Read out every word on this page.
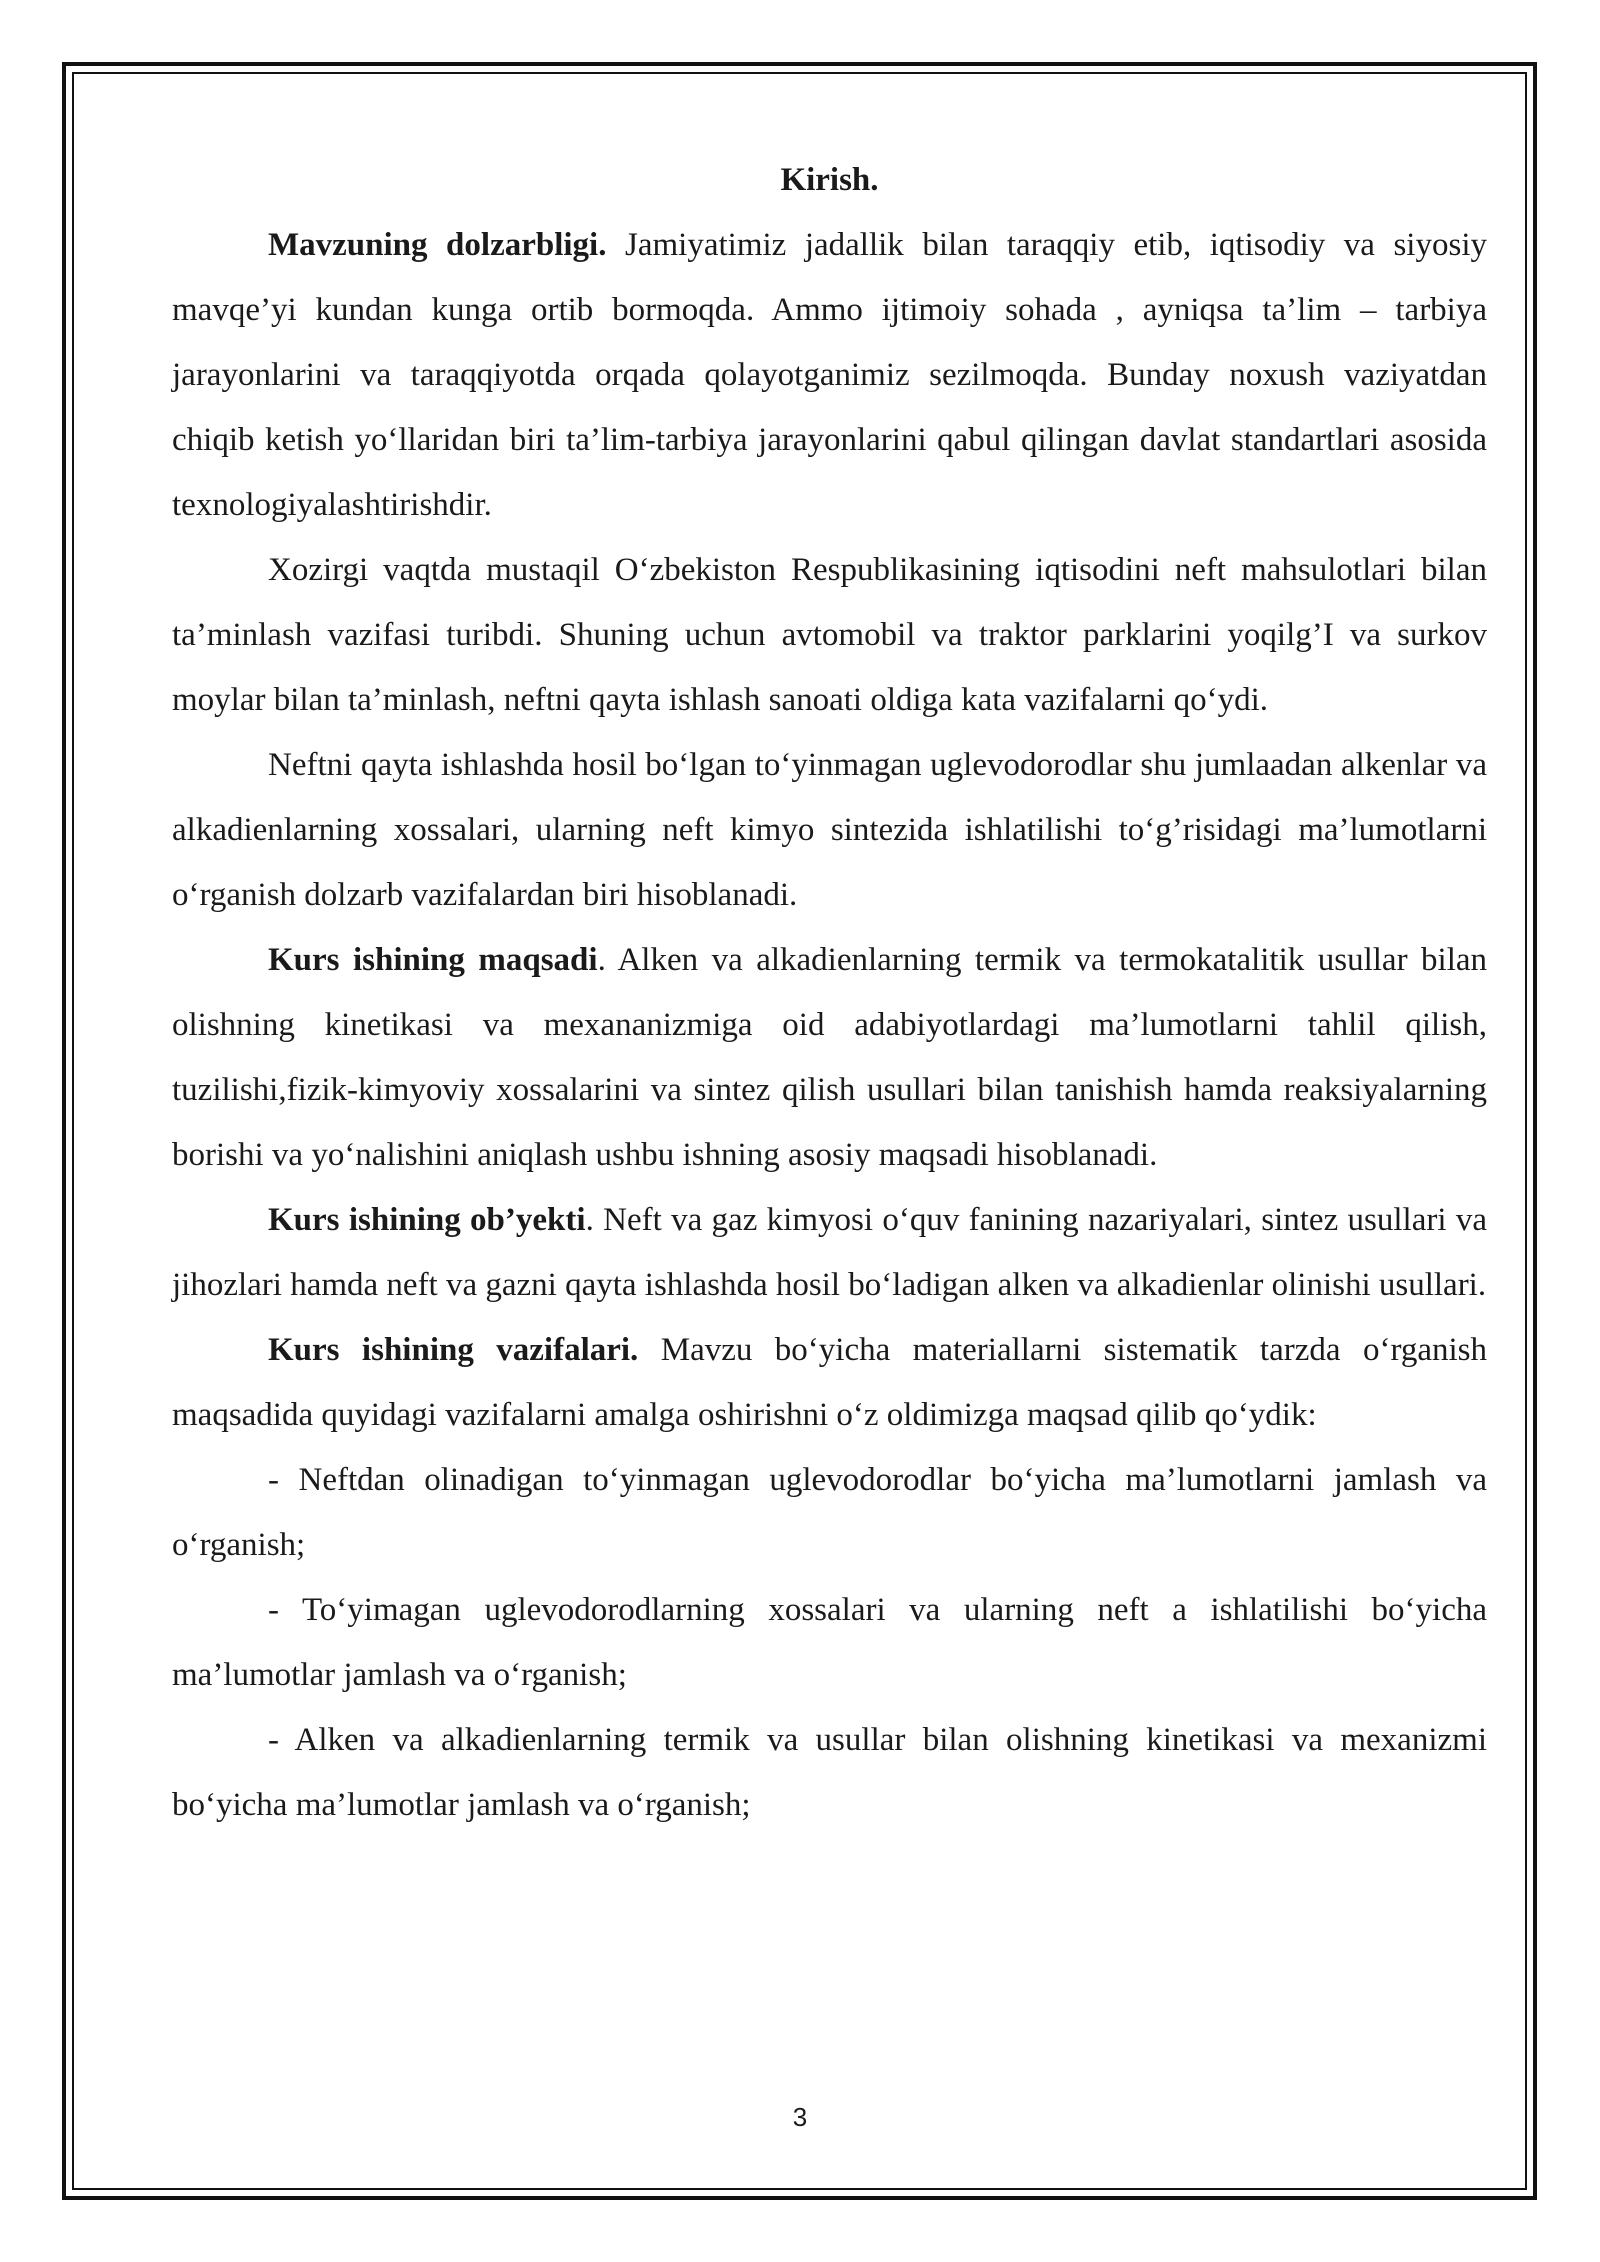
Kirish.

Mavzuning dolzarbligi. Jamiyatimiz jadallik bilan taraqqiy etib, iqtisodiy va siyosiy mavqe’yi kundan kunga ortib bormoqda. Ammo ijtimoiy sohada , ayniqsa ta’lim – tarbiya jarayonlarini va taraqqiyotda orqada qolayotganimiz sezilmoqda. Bunday noxush vaziyatdan chiqib ketish yo‘llaridan biri ta’lim-tarbiya jarayonlarini qabul qilingan davlat standartlari asosida texnologiyalashtirishdir.

Xozirgi vaqtda mustaqil O‘zbekiston Respublikasining iqtisodini neft mahsulotlari bilan ta’minlash vazifasi turibdi. Shuning uchun avtomobil va traktor parklarini yoqilg’I va surkov moylar bilan ta’minlash, neftni qayta ishlash sanoati oldiga kata vazifalarni qo‘ydi.

Neftni qayta ishlashda hosil bo‘lgan to‘yinmagan uglevodorodlar shu jumlaadan alkenlar va alkadienlarning xossalari, ularning neft kimyo sintezida ishlatilishi to‘g’risidagi ma’lumotlarni o‘rganish dolzarb vazifalardan biri hisoblanadi.

Kurs ishining maqsadi. Alken va alkadienlarning termik va termokatalitik usullar bilan olishning kinetikasi va mexananizmiga oid adabiyotlardagi ma’lumotlarni tahlil qilish, tuzilishi,fizik-kimyoviy xossalarini va sintez qilish usullari bilan tanishish hamda reaksiyalarning borishi va yo‘nalishini aniqlash ushbu ishning asosiy maqsadi hisoblanadi.

Kurs ishining ob’yekti. Neft va gaz kimyosi o‘quv fanining nazariyalari, sintez usullari va jihozlari hamda neft va gazni qayta ishlashda hosil bo‘ladigan alken va alkadienlar olinishi usullari.

Kurs ishining vazifalari. Mavzu bo‘yicha materiallarni sistematik tarzda o‘rganish maqsadida quyidagi vazifalarni amalga oshirishni o‘z oldimizga maqsad qilib qo‘ydik:

- Neftdan olinadigan to‘yinmagan uglevodorodlar bo‘yicha ma’lumotlarni jamlash va o‘rganish;

- To‘yimagan uglevodorodlarning xossalari va ularning neft a ishlatilishi bo‘yicha ma’lumotlar jamlash va o‘rganish;

- Alken va alkadienlarning termik va usullar bilan olishning kinetikasi va mexanizmi bo‘yicha ma’lumotlar jamlash va o‘rganish;

3
